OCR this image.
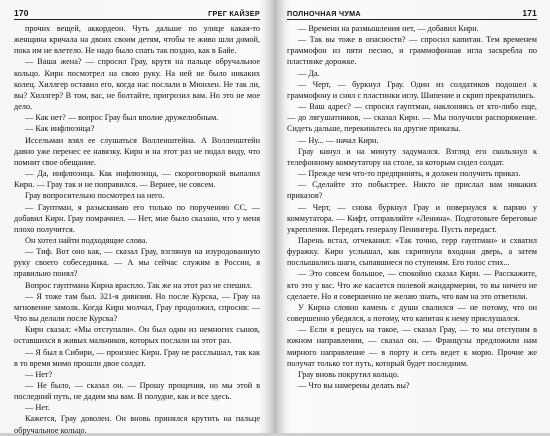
170	ГРЕГ КАЙЗЕР

прочих вещей, аккордеон. Чуть дальше по улице какая-то женщина кричала на двоих своим детям, чтобы те живо шли домой, пока им не влетело. Не надо было спать так поздно, как в Байе.

— Ваша жена? — спросил Грау, крутя на пальце обручальное кольцо. Кирн посмотрел на свою руку. На ней не было никаких колец. Хиллгер оставил его, когда нас послали в Мюнхен. Не так ли, вы? Хиллгер? В том, вас, не болтайте, пригрозил вам. Но это не мое дело.

— Как нет? — вопрос Грау был вполне дружелюбным.

— Как инфлюэнца?

Иссельман взял ее слушаться Волленштейна. А Волленштейн давно уже перенес ее навязку. Кирн и на этот раз не подал виду, что помнит свое обещание.

— Да, инфлюэнца. Как инфлюэнца, — скороговоркой выпалил Кирн. — Грау так и не поправился. — Вернее, не совсем.

Грау вопросительно посмотрел на него.

— Гауптман, я разыскиваю его только по поручению СС, — добавил Кирн. Грау помрачнел. — Нет, мне было сказано, что у меня плохо получится.

Он хотел найти подходящие слова.

— Тиф. Вот оно как, — сказал Грау, взглянув на изуродованную руку своего собеседника. — А мы сейчас служим в России, я правильно понял?

Вопрос гауптмана Кирна враспло. Так же на этот раз не спешил.

— Я тоже там был. 321-я дивизия. Но после Курска, — Грау на мгновение замолк. Когда Кирн молчал, Грау продолжил, спросив: — Что вы делали после Курска?

Кирн сказал: «Мы отступали». Он был один из немногих сынов, оставшихся в живых мальчиков, которых послали на этот раз.

— Я был в Сибири, — произнес Кирн. Грау не расслышал, так как в то время мимо прошли двое солдат.

— Нет?

— Не было, — сказал он. — Прошу прощения, но мы этой в последний путь, не дадим мы вам. В полудне, как и все здесь.

— Нет.

Кажется, Грау доволен. Он вновь принялся крутить на пальце обручальное кольцо.

ПОЛНОЧНАЯ ЧУМА	171

— Времени на размышления нет, — добавил Кирн.

— Так вы тоже в опасности? — спросил капитан. Тем временем граммофон из пяти песню, и граммофонная игла заскребла по пластинке дорожке.

— Да.

— Черт, — буркнул Грау. Один из солдатиков подошел к граммофону и снял с пластинки иглу. Шипение и скрип прекратились.

— Ваш адрес? — спросил гауптман, наклоняясь от кто-либо еще, — до лягушатников, — сказал Кирн. — Мы получили распоряжение. Сидеть дальше, перекиньтесь на другие приказы.

— Ну... — начал Кирн.

Грау кинул и на минуту задумался. Взгляд его скользнул к телефонному коммутатору на столе, за которым сидел солдат.

— Прежде чем что-то предпринять, я должен получить приказ.

— Сделайте это побыстрее. Никто не прислал вам никаких приказов?

— Черт, — снова буркнул Грау и повернулся к парню у коммутатора. — Кифт, отправляйте «Ленина». Подготовьте береговые укрепления. Передать генералу Пенингера. Пусть передаст.

Парень встал, отчеканил: «Так точно, герр гауптман» и схватил фуражку. Кирн услышал, как скрипнула входная дверь, а затем послышались шаги, сыпавшиеся по ступеням. Его голос стих...

— Это совсем большое, — спокойно сказал Кирн. — Расскажите, кто это у вас. Что же касается полевой жандармерии, то вы ничего не сделаете. Но я совершенно не желаю знать, что вам на это ответили.

У Кирна словно камень с души свалился — не потому, что он совершенно убедился, а потому, что капитан к нему прислушался.

— Если я решусь на такое, — сказал Грау, — то мы отступим в южном направлении, — сказал он. — Французы предложили нам мирного направление — в порту и сеть ведет к морю. Прочие же получат только тот путь, который будет последним.

Грау вновь покрутил кольцо.

— Что вы намерены делать вы?
